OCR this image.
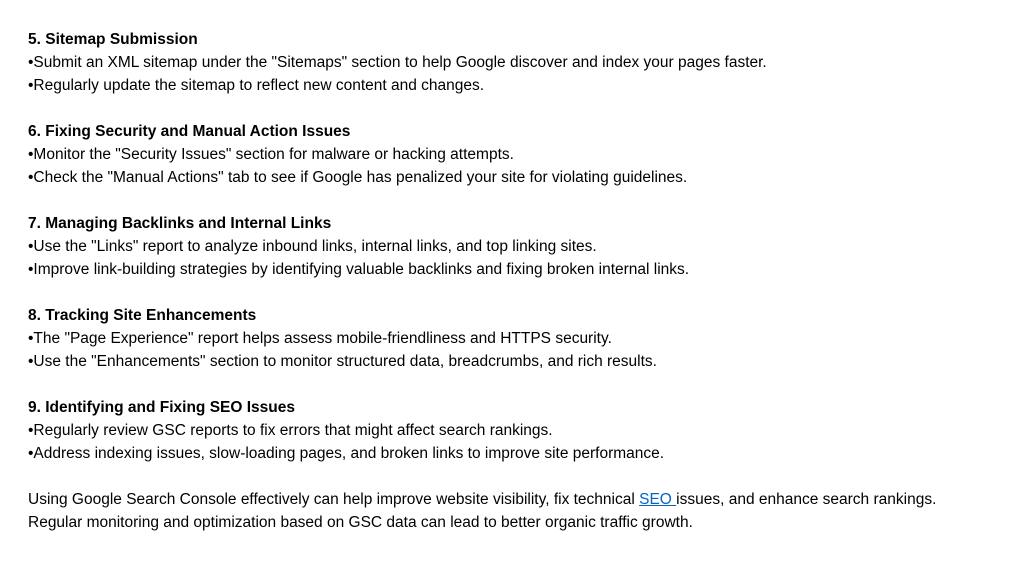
5. Sitemap Submission
•Submit an XML sitemap under the "Sitemaps" section to help Google discover and index your pages faster.
•Regularly update the sitemap to reflect new content and changes.
6. Fixing Security and Manual Action Issues
•Monitor the "Security Issues" section for malware or hacking attempts.
•Check the "Manual Actions" tab to see if Google has penalized your site for violating guidelines.
7. Managing Backlinks and Internal Links
•Use the "Links" report to analyze inbound links, internal links, and top linking sites.
•Improve link-building strategies by identifying valuable backlinks and fixing broken internal links.
8. Tracking Site Enhancements
•The "Page Experience" report helps assess mobile-friendliness and HTTPS security.
•Use the "Enhancements" section to monitor structured data, breadcrumbs, and rich results.
9. Identifying and Fixing SEO Issues
•Regularly review GSC reports to fix errors that might affect search rankings.
•Address indexing issues, slow-loading pages, and broken links to improve site performance.
Using Google Search Console effectively can help improve website visibility, fix technical SEO issues, and enhance search rankings. Regular monitoring and optimization based on GSC data can lead to better organic traffic growth.
